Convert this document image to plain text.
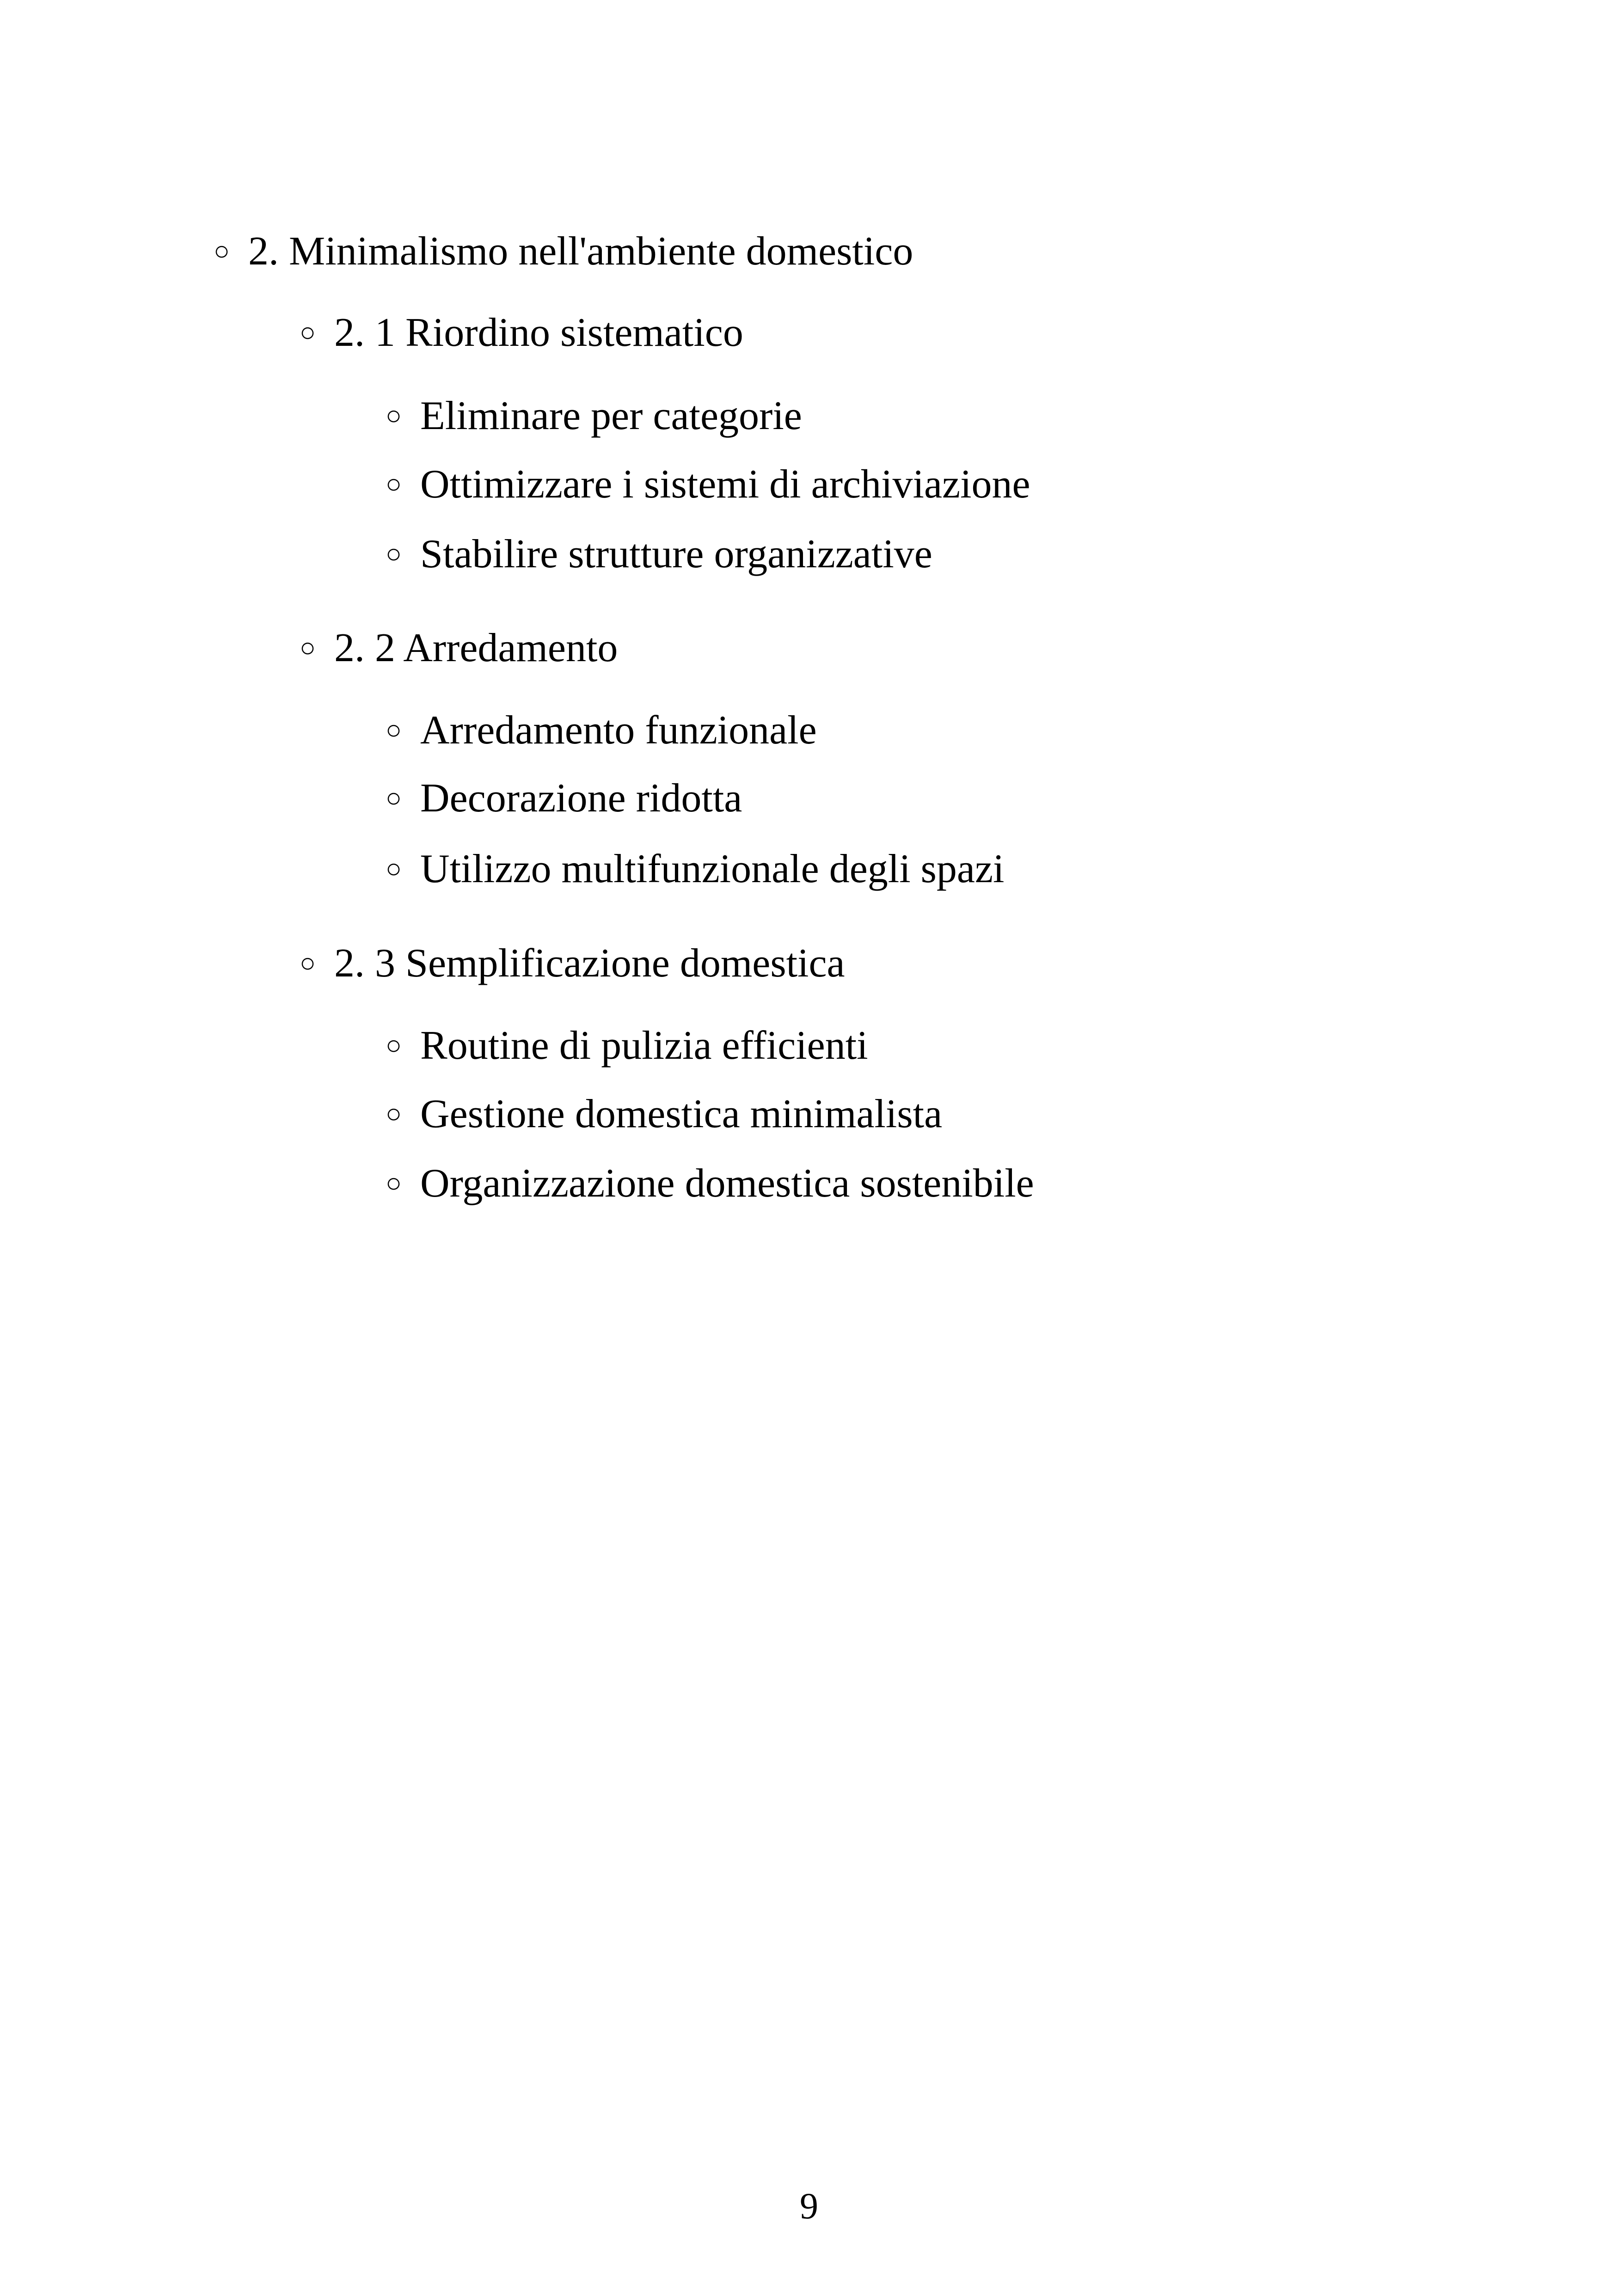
○ 2. Minimalismo nell'ambiente domestico
○ 2. 1 Riordino sistematico
○ Eliminare per categorie
○ Ottimizzare i sistemi di archiviazione
○ Stabilire strutture organizzative
○ 2. 2 Arredamento
○ Arredamento funzionale
○ Decorazione ridotta
○ Utilizzo multifunzionale degli spazi
○ 2. 3 Semplificazione domestica
○ Routine di pulizia efficienti
○ Gestione domestica minimalista
○ Organizzazione domestica sostenibile
9
